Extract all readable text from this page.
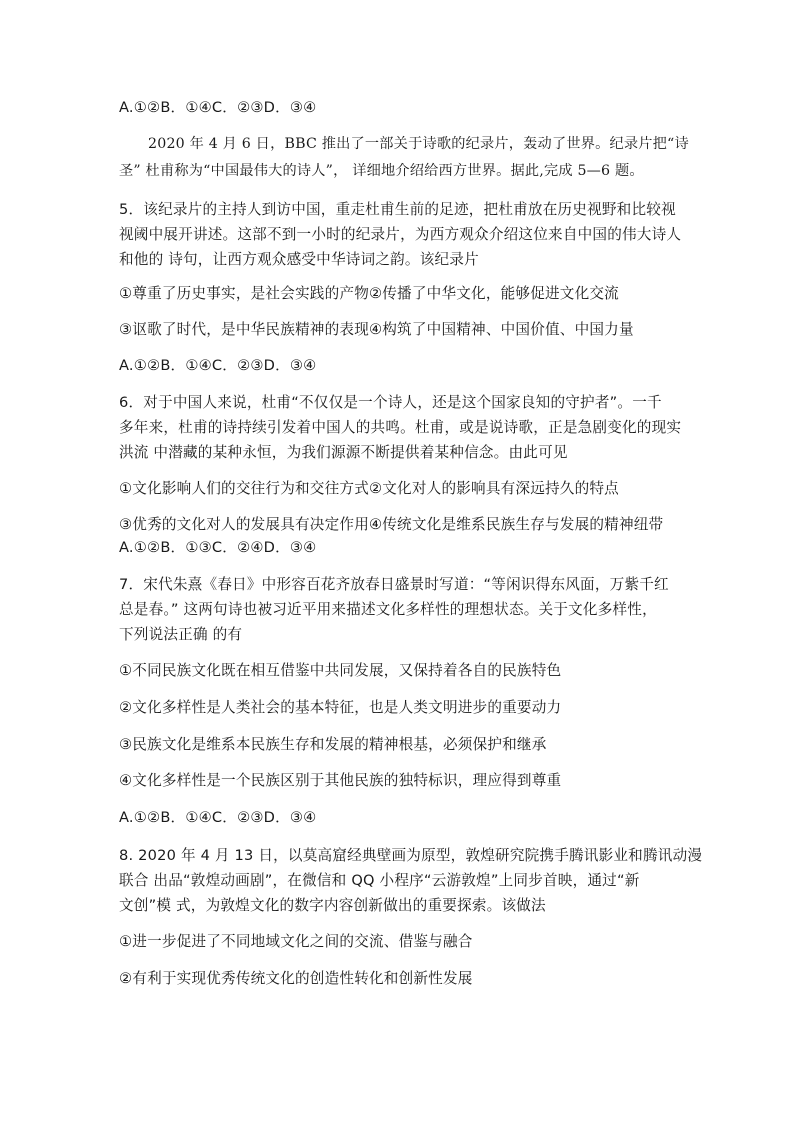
A.①②B．①④C．②③D．③④
2020 年 4 月 6 日，BBC 推出了一部关于诗歌的纪录片，轰动了世界。纪录片把“诗
圣” 杜甫称为“中国最伟大的诗人”， 详细地介绍给西方世界。据此,完成 5—6 题。
5．该纪录片的主持人到访中国，重走杜甫生前的足迹，把杜甫放在历史视野和比较视
视阈中展开讲述。这部不到一小时的纪录片，为西方观众介绍这位来自中国的伟大诗人
和他的 诗句，让西方观众感受中华诗词之韵。该纪录片
①尊重了历史事实，是社会实践的产物②传播了中华文化，能够促进文化交流
③讴歌了时代，是中华民族精神的表现④构筑了中国精神、中国价值、中国力量
A.①②B．①④C．②③D．③④
6．对于中国人来说，杜甫“不仅仅是一个诗人，还是这个国家良知的守护者”。一千
多年来，杜甫的诗持续引发着中国人的共鸣。杜甫，或是说诗歌，正是急剧变化的现实
洪流 中潜藏的某种永恒，为我们源源不断提供着某种信念。由此可见
①文化影响人们的交往行为和交往方式②文化对人的影响具有深远持久的特点
③优秀的文化对人的发展具有决定作用④传统文化是维系民族生存与发展的精神纽带
A.①②B．①③C．②④D．③④
7．宋代朱熹《春日》中形容百花齐放春日盛景时写道：“等闲识得东风面，万紫千红
总是春。” 这两句诗也被习近平用来描述文化多样性的理想状态。关于文化多样性，
下列说法正确 的有
①不同民族文化既在相互借鉴中共同发展，又保持着各自的民族特色
②文化多样性是人类社会的基本特征，也是人类文明进步的重要动力
③民族文化是维系本民族生存和发展的精神根基，必须保护和继承
④文化多样性是一个民族区别于其他民族的独特标识，理应得到尊重
A.①②B．①④C．②③D．③④
8. 2020 年 4 月 13 日，以莫高窟经典壁画为原型，敦煌研究院携手腾讯影业和腾讯动漫
联合 出品“敦煌动画剧”，在微信和 QQ 小程序“云游敦煌”上同步首映，通过“新
文创”模 式，为敦煌文化的数字内容创新做出的重要探索。该做法
①进一步促进了不同地域文化之间的交流、借鉴与融合
②有利于实现优秀传统文化的创造性转化和创新性发展
